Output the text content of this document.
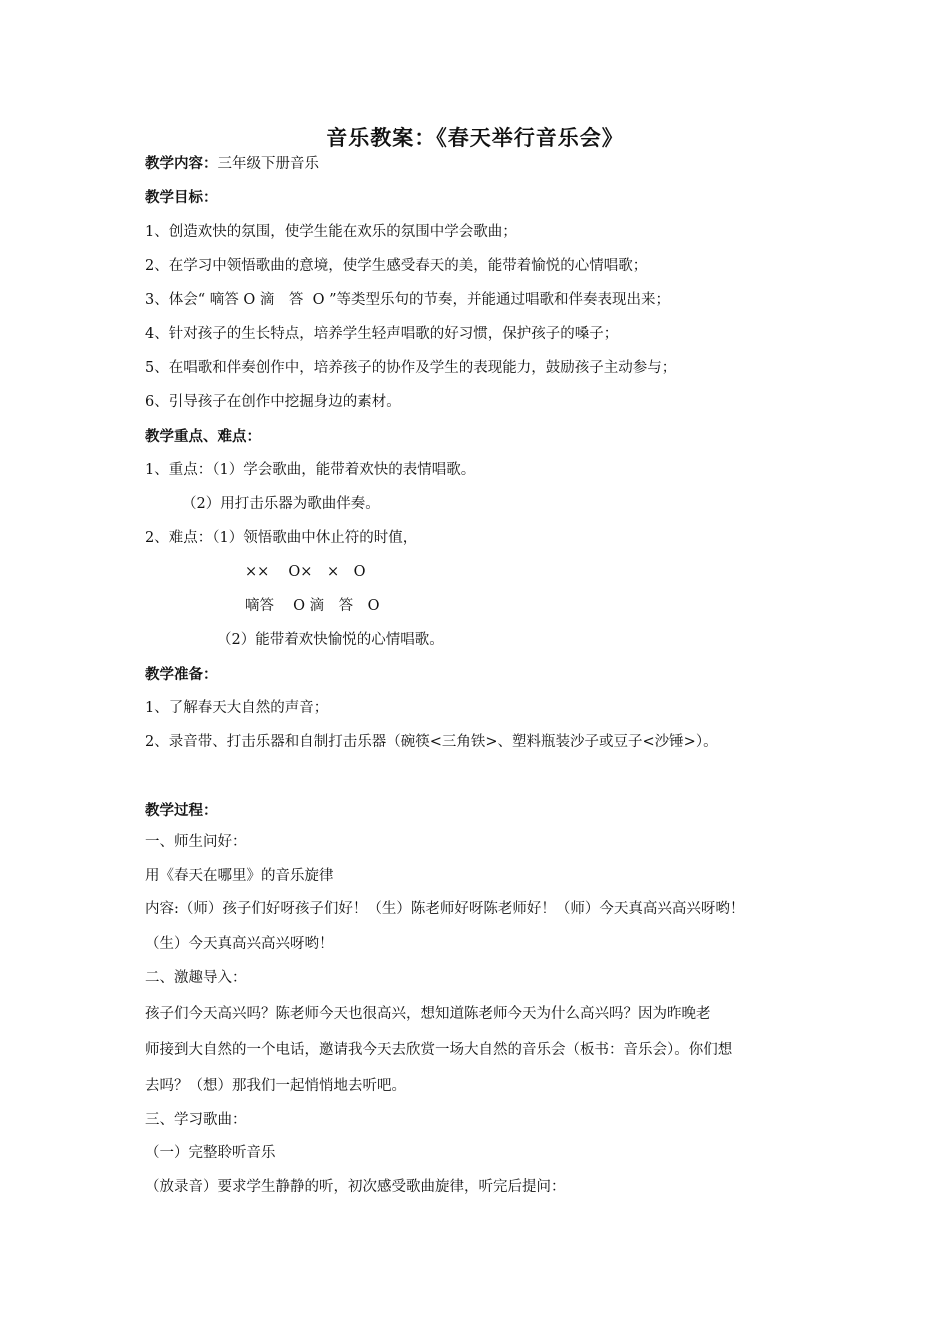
音乐教案：《春天举行音乐会》
教学内容：三年级下册音乐
教学目标：
1、创造欢快的氛围，使学生能在欢乐的氛围中学会歌曲；
2、在学习中领悟歌曲的意境，使学生感受春天的美，能带着愉悦的心情唱歌；
3、体会“ 嘀答 O 滴　答  O ”等类型乐句的节奏，并能通过唱歌和伴奏表现出来；
4、针对孩子的生长特点，培养学生轻声唱歌的好习惯，保护孩子的嗓子；
5、在唱歌和伴奏创作中，培养孩子的协作及学生的表现能力，鼓励孩子主动参与；
6、引导孩子在创作中挖掘身边的素材。
教学重点、难点：
1、重点：（1）学会歌曲，能带着欢快的表情唱歌。
（2）用打击乐器为歌曲伴奏。
2、难点：（1）领悟歌曲中休止符的时值，
××　 O×　×　O
嘀答　 O 滴　答　O
（2）能带着欢快愉悦的心情唱歌。
教学准备：
1、了解春天大自然的声音；
2、录音带、打击乐器和自制打击乐器（碗筷<三角铁>、塑料瓶装沙子或豆子<沙锤>）。
教学过程：
一、师生问好：
用《春天在哪里》的音乐旋律
内容:（师）孩子们好呀孩子们好！（生）陈老师好呀陈老师好！（师）今天真高兴高兴呀哟！
（生）今天真高兴高兴呀哟！
二、激趣导入：
孩子们今天高兴吗？陈老师今天也很高兴，想知道陈老师今天为什么高兴吗？因为昨晚老
师接到大自然的一个电话，邀请我今天去欣赏一场大自然的音乐会（板书：音乐会）。你们想
去吗？（想）那我们一起悄悄地去听吧。
三、学习歌曲：
（一）完整聆听音乐
（放录音）要求学生静静的听，初次感受歌曲旋律，听完后提问：
